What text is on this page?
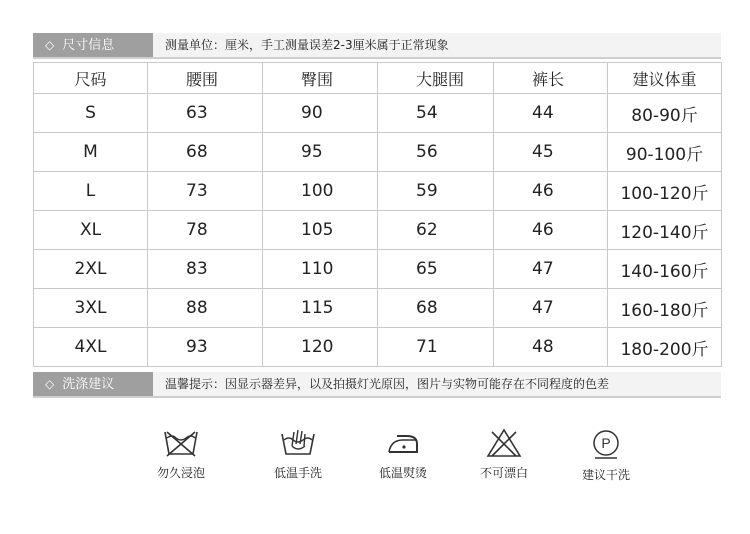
◇ 尺寸信息	测量单位：厘米，手工测量误差2-3厘米属于正常现象
尺码	腰围	臀围	大腿围	裤长	建议体重
S	63	90	54	44	80-90斤
M	68	95	56	45	90-100斤
L	73	100	59	46	100-120斤
XL	78	105	62	46	120-140斤
2XL	83	110	65	47	140-160斤
3XL	88	115	68	47	160-180斤
4XL	93	120	71	48	180-200斤
◇ 洗涤建议	温馨提示：因显示器差异，以及拍摄灯光原因，图片与实物可能存在不同程度的色差
勿久浸泡	低温手洗	低温熨烫	不可漂白
P
建议干洗
